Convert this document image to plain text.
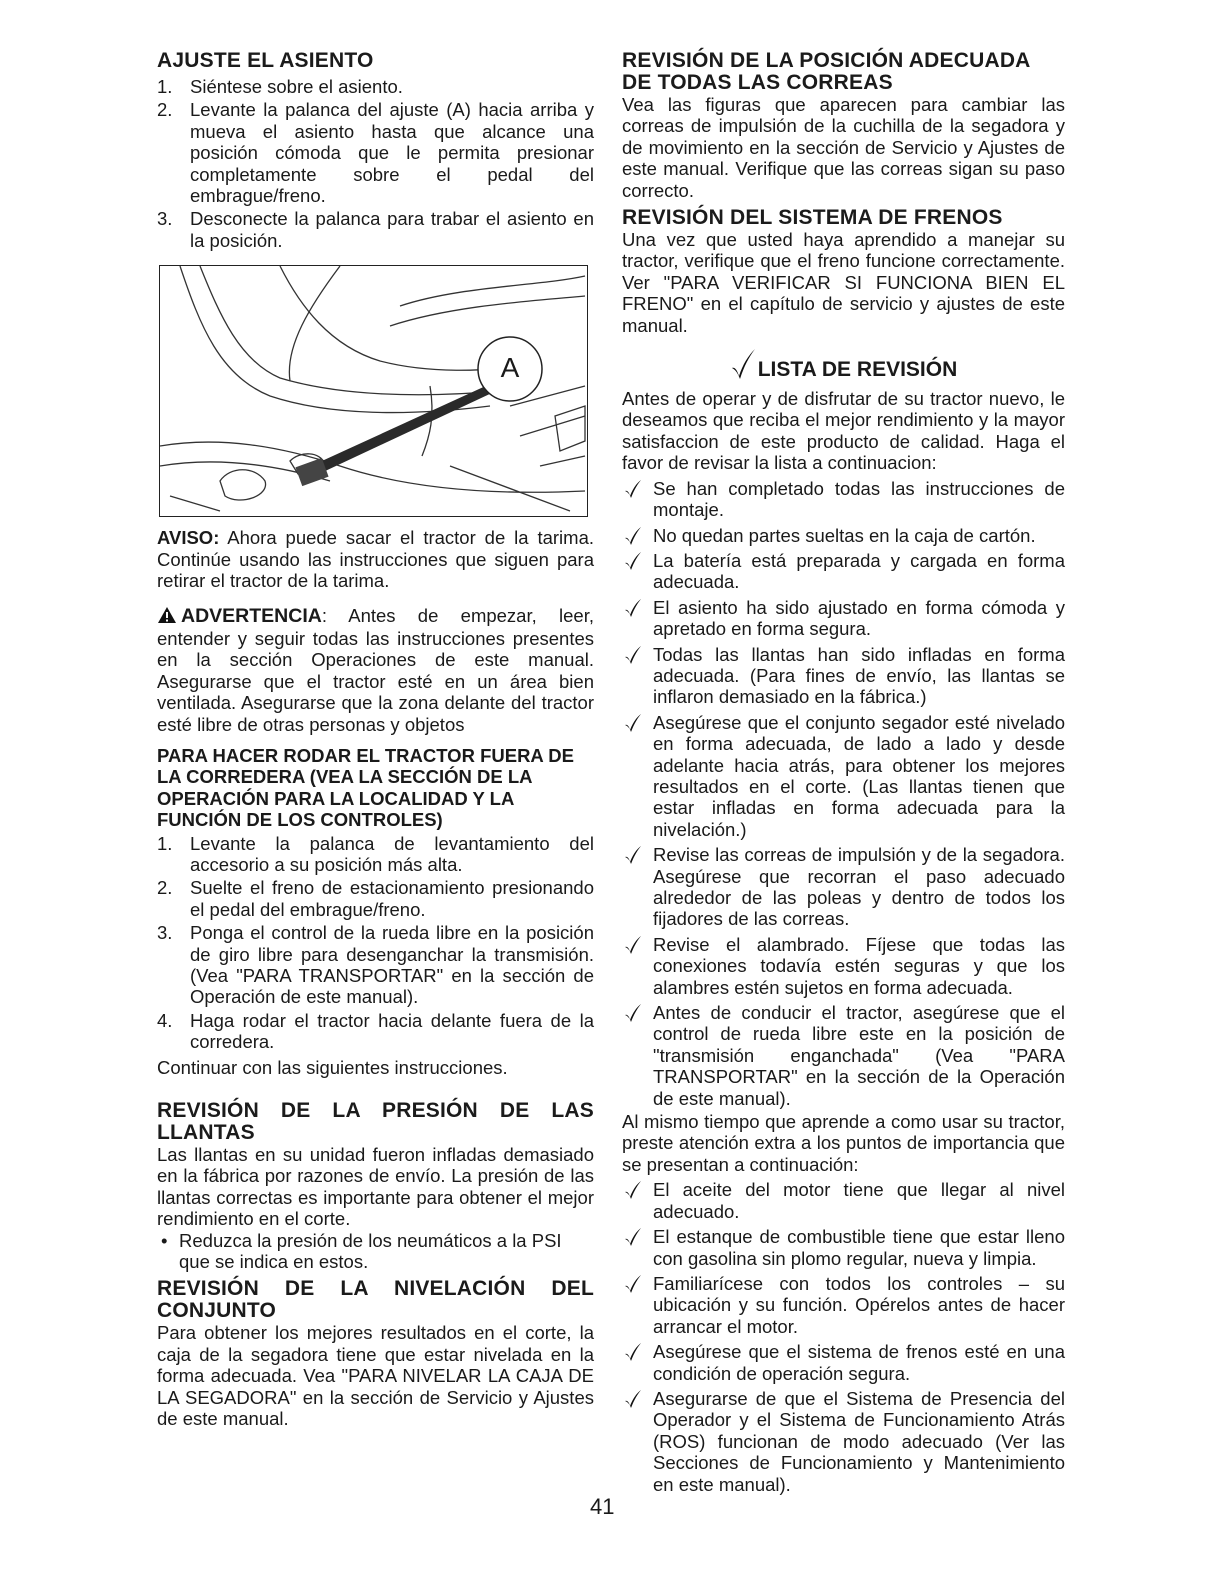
AJUSTE EL ASIENTO
1. Siéntese sobre el asiento.
2. Levante la palanca del ajuste (A) hacia arriba y mueva el asiento hasta que alcance una posición cómoda que le permita presionar completamente sobre el pedal del embrague/freno.
3. Desconecte la palanca para trabar el asiento en la posición.
A

AVISO: Ahora puede sacar el tractor de la tarima. Continúe usando las instrucciones que siguen para retirar el tractor de la tarima.

ADVERTENCIA: Antes de empezar, leer, entender y seguir todas las instrucciones presentes en la sección Operaciones de este manual. Asegurarse que el tractor esté en un área bien ventilada. Asegurarse que la zona delante del tractor esté libre de otras personas y objetos

PARA HACER RODAR EL TRACTOR FUERA DE LA CORREDERA (VEA LA SECCIÓN DE LA OPERACIÓN PARA LA LOCALIDAD Y LA FUNCIÓN DE LOS CONTROLES)
1. Levante la palanca de levantamiento del accesorio a su posición más alta.
2. Suelte el freno de estacionamiento presionando el pedal del embrague/freno.
3. Ponga el control de la rueda libre en la posición de giro libre para desenganchar la transmisión. (Vea "PARA TRANSPORTAR" en la sección de Operación de este manual).
4. Haga rodar el tractor hacia delante fuera de la corredera.

Continuar con las siguientes instrucciones.

REVISIÓN DE LA PRESIÓN DE LAS LLANTAS

Las llantas en su unidad fueron infladas demasiado en la fábrica por razones de envío. La presión de las llantas correctas es importante para obtener el mejor rendimiento en el corte.

• Reduzca la presión de los neumáticos a la PSI que se indica en estos.
REVISIÓN DE LA NIVELACIÓN DEL CONJUNTO

Para obtener los mejores resultados en el corte, la caja de la segadora tiene que estar nivelada en la forma adecuada. Vea "PARA NIVELAR LA CAJA DE LA SEGADORA" en la sección de Servicio y Ajustes de este manual.

REVISIÓN DE LA POSICIÓN ADECUADA DE TODAS LAS CORREAS

Vea las figuras que aparecen para cambiar las correas de impulsión de la cuchilla de la segadora y de movimiento en la sección de Servicio y Ajustes de este manual. Verifique que las correas sigan su paso correcto.

REVISIÓN DEL SISTEMA DE FRENOS

Una vez que usted haya aprendido a manejar su tractor, verifique que el freno funcione correctamente. Ver "PARA VERIFICAR SI FUNCIONA BIEN EL FRENO" en el capítulo de servicio y ajustes de este manual.

LISTA DE REVISIÓN

Antes de operar y de disfrutar de su tractor nuevo, le deseamos que reciba el mejor rendimiento y la mayor satisfaccion de este producto de calidad. Haga el favor de revisar la lista a continuacion:

Se han completado todas las instrucciones de montaje.
No quedan partes sueltas en la caja de cartón.
La batería está preparada y cargada en forma adecuada.
El asiento ha sido ajustado en forma cómoda y apretado en forma segura.
Todas las llantas han sido infladas en forma adecuada. (Para fines de envío, las llantas se inflaron demasiado en la fábrica.)
Asegúrese que el conjunto segador esté nivelado en forma adecuada, de lado a lado y desde adelante hacia atrás, para obtener los mejores resultados en el corte. (Las llantas tienen que estar infladas en forma adecuada para la nivelación.)
Revise las correas de impulsión y de la segadora. Asegúrese que recorran el paso adecuado alrededor de las poleas y dentro de todos los fijadores de las correas.
Revise el alambrado. Fíjese que todas las conexiones todavía estén seguras y que los alambres estén sujetos en forma adecuada.
Antes de conducir el tractor, asegúrese que el control de rueda libre este en la posición de "transmisión enganchada" (Vea "PARA TRANSPORTAR" en la sección de la Operación de este manual).

Al mismo tiempo que aprende a como usar su tractor, preste atención extra a los puntos de importancia que se presentan a continuación:

El aceite del motor tiene que llegar al nivel adecuado.
El estanque de combustible tiene que estar lleno con gasolina sin plomo regular, nueva y limpia.
Familiarícese con todos los controles – su ubicación y su función. Opérelos antes de hacer arrancar el motor.
Asegúrese que el sistema de frenos esté en una condición de operación segura.
Asegurarse de que el Sistema de Presencia del Operador y el Sistema de Funcionamiento Atrás (ROS) funcionan de modo adecuado (Ver las Secciones de Funcionamiento y Mantenimiento en este manual).
41
